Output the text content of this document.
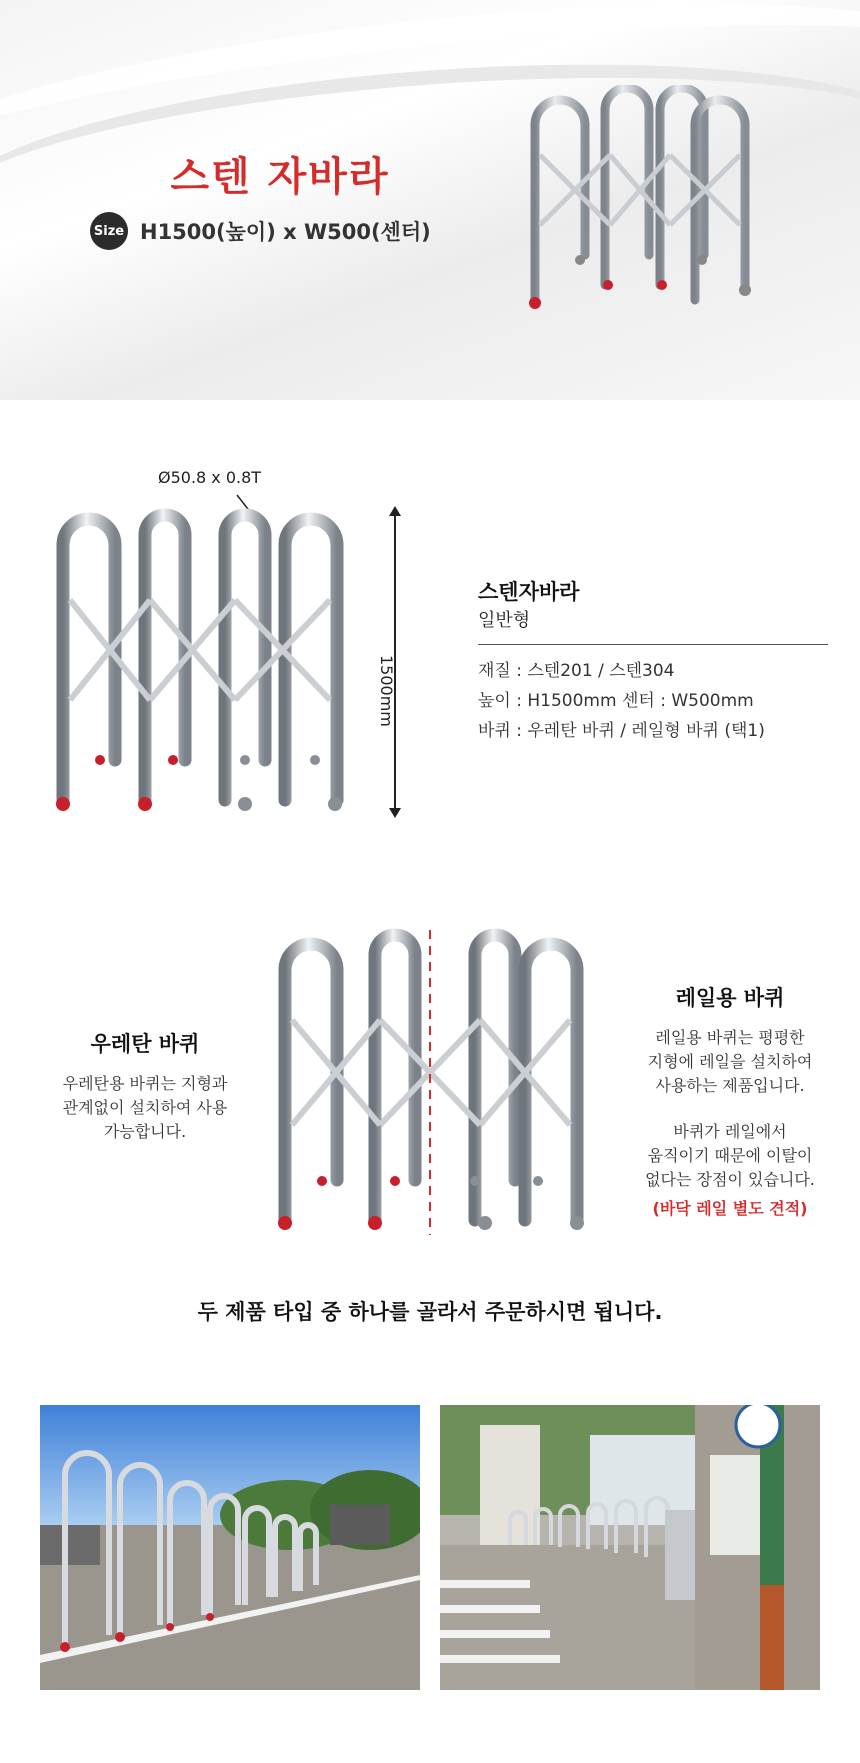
스텐 자바라
Size H1500(높이) x W500(센터)
Ø50.8 x 0.8T
1500mm
스텐자바라
일반형
재질 : 스텐201 / 스텐304
높이 : H1500mm 센터 : W500mm
바퀴 : 우레탄 바퀴 / 레일형 바퀴 (택1)
우레탄 바퀴
우레탄용 바퀴는 지형과
관계없이 설치하여 사용
가능합니다.
레일용 바퀴
레일용 바퀴는 평평한
지형에 레일을 설치하여
사용하는 제품입니다.
바퀴가 레일에서
움직이기 때문에 이탈이
없다는 장점이 있습니다.
(바닥 레일 별도 견적)
두 제품 타입 중 하나를 골라서 주문하시면 됩니다.
